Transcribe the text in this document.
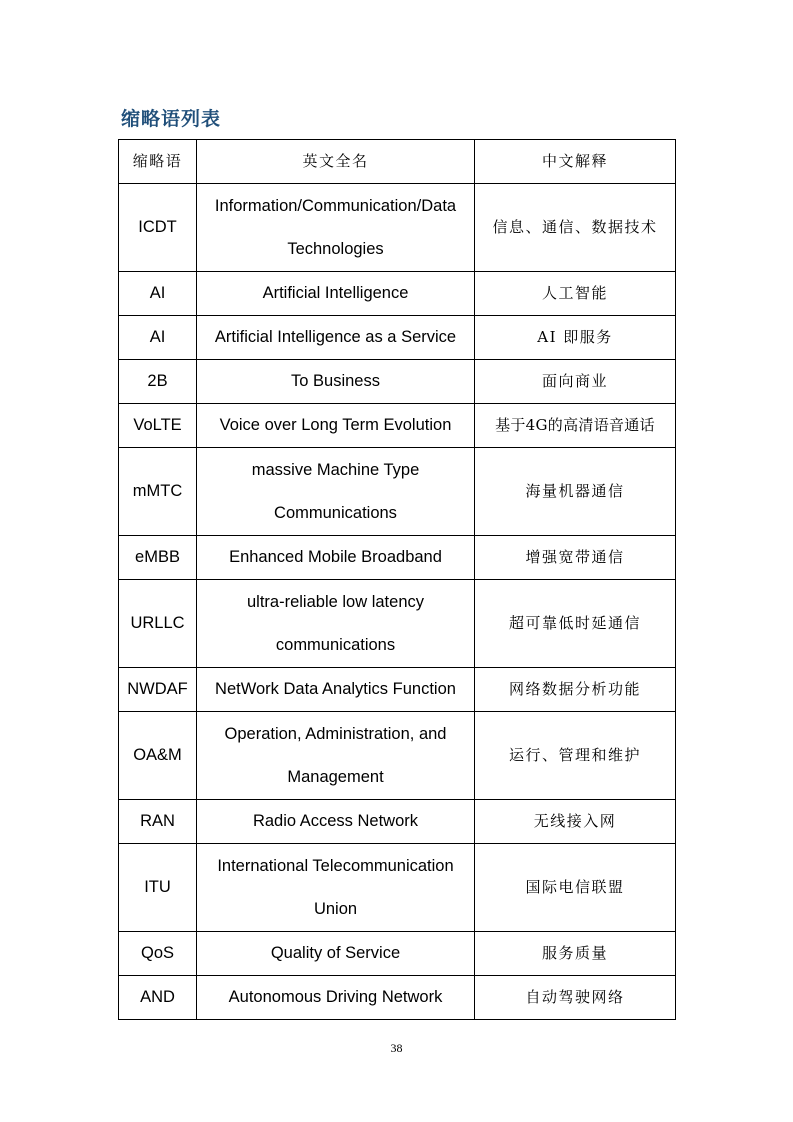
缩略语列表
缩略语	英文全名	中文解释
ICDT	Information/Communication/Data Technologies	信息、通信、数据技术
AI	Artificial Intelligence	人工智能
AI	Artificial Intelligence as a Service	AI 即服务
2B	To Business	面向商业
VoLTE	Voice over Long Term Evolution	基于4G的高清语音通话
mMTC	massive Machine Type Communications	海量机器通信
eMBB	Enhanced Mobile Broadband	增强宽带通信
URLLC	ultra-reliable low latency communications	超可靠低时延通信
NWDAF	NetWork Data Analytics Function	网络数据分析功能
OA&M	Operation, Administration, and Management	运行、管理和维护
RAN	Radio Access Network	无线接入网
ITU	International Telecommunication Union	国际电信联盟
QoS	Quality of Service	服务质量
AND	Autonomous Driving Network	自动驾驶网络
38
